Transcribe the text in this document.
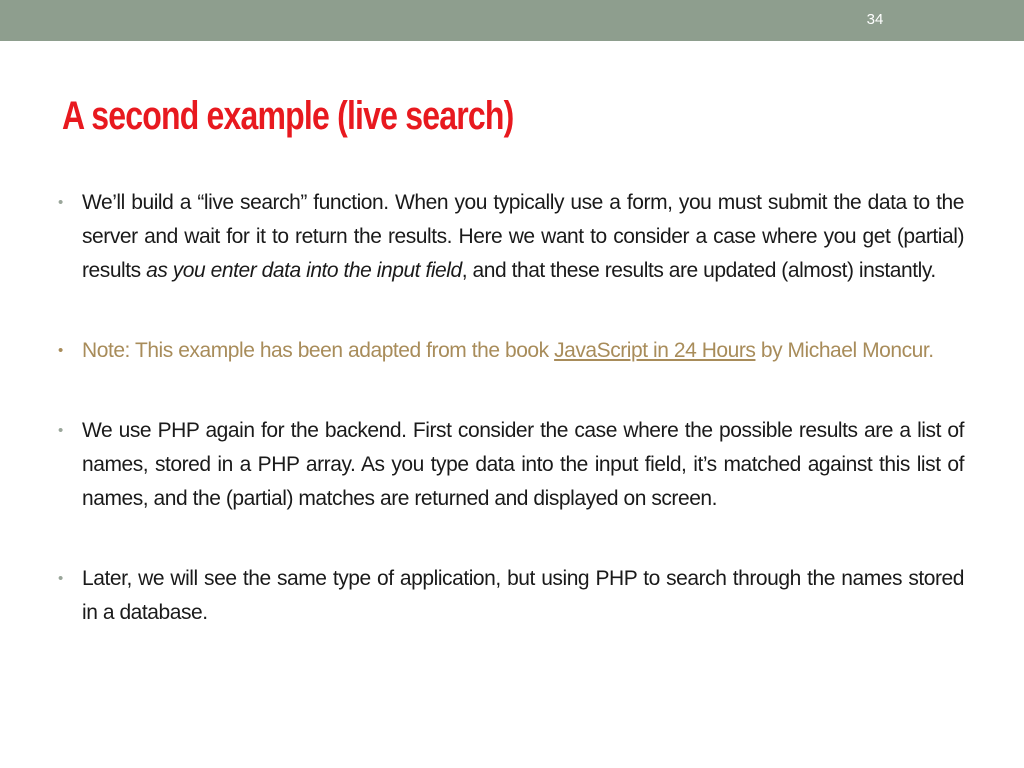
34
A second example (live search)
• We’ll build a “live search” function. When you typically use a form, you must submit the data to the server and wait for it to return the results. Here we want to consider a case where you get (partial) results as you enter data into the input field, and that these results are updated (almost) instantly.

• Note: This example has been adapted from the book JavaScript in 24 Hours by Michael Moncur.

• We use PHP again for the backend. First consider the case where the possible results are a list of names, stored in a PHP array. As you type data into the input field, it’s matched against this list of names, and the (partial) matches are returned and displayed on screen.

• Later, we will see the same type of application, but using PHP to search through the names stored in a database.
